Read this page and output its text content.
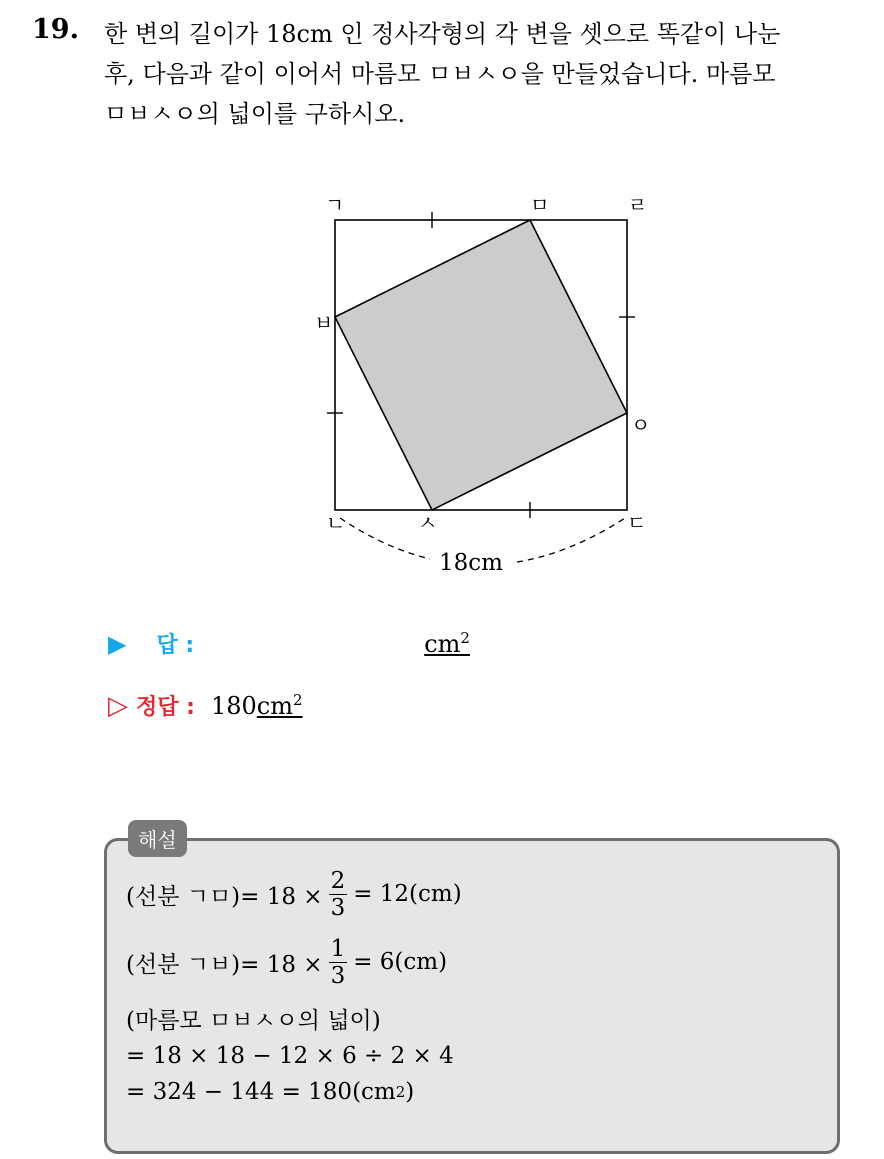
19. 한 변의 길이가 18cm 인 정사각형의 각 변을 셋으로 똑같이 나눈
후, 다음과 같이 이어서 마름모 ㅁㅂㅅㅇ을 만들었습니다. 마름모
ㅁㅂㅅㅇ의 넓이를 구하시오.
18cm
ㄱ	ㅁ	ㄹ
ㅂ
ㅇ
ㄴ	ㅅ	ㄷ
▶ 답 :	$cm^2$
▷ 정답 : 180 $cm^2$
해설
(선분 ㄱㅁ)= $18 \times \frac{2}{3} = 12(cm)$
(선분 ㄱㅂ)= $18 \times \frac{1}{3} = 6(cm)$
(마름모 ㅁㅂㅅㅇ의 넓이)
= 18 × 18 − 12 × 6 ÷ 2 × 4
= 324 − 144 = 180(cm 2 )
